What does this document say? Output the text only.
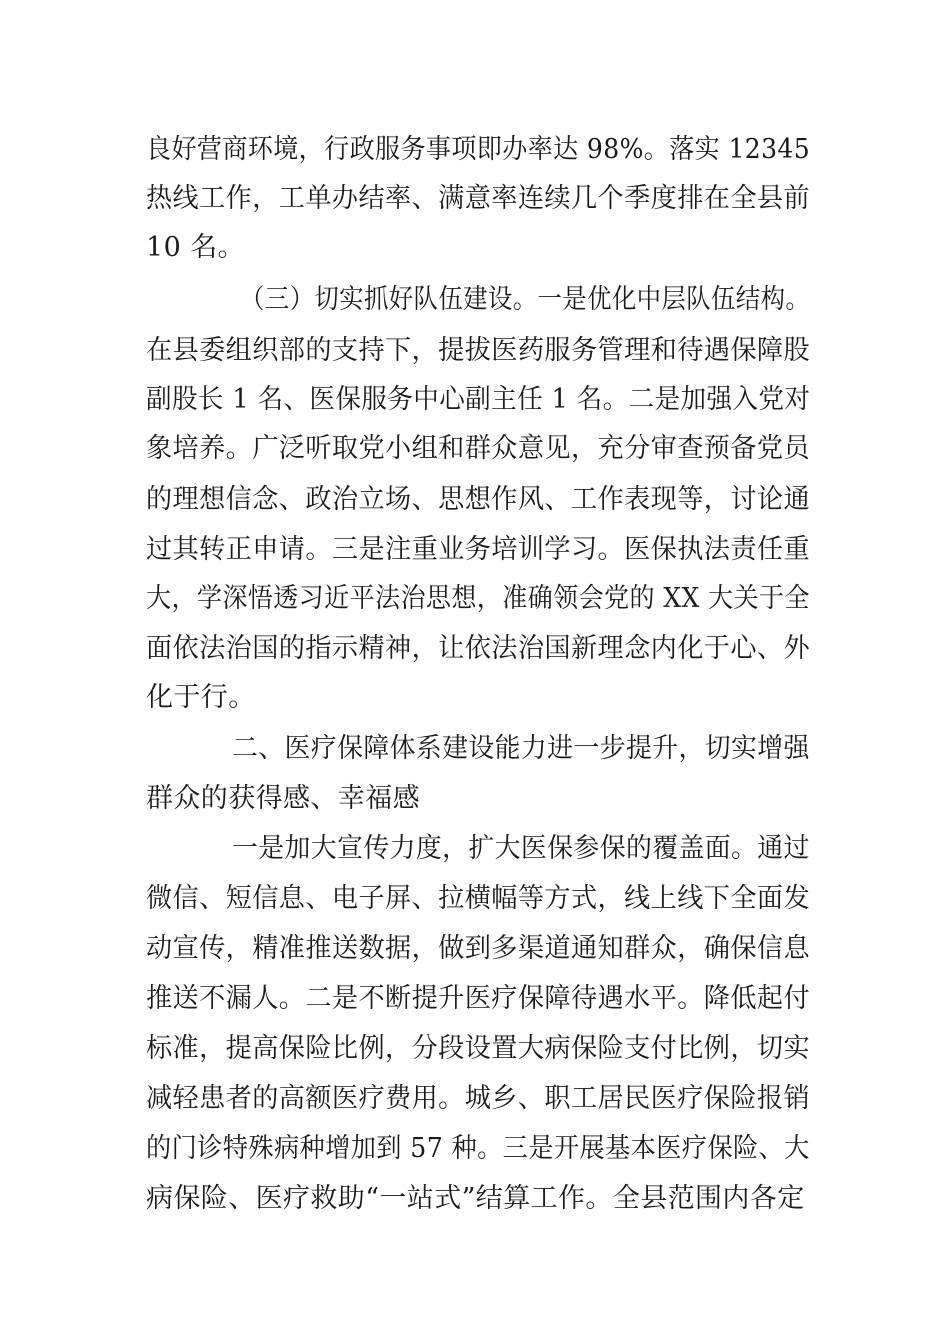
良好营商环境，行政服务事项即办率达 98%。落实 12345
热线工作，工单办结率、满意率连续几个季度排在全县前
10 名。
（三）切实抓好队伍建设。一是优化中层队伍结构。
在县委组织部的支持下，提拔医药服务管理和待遇保障股
副股长 1 名、医保服务中心副主任 1 名。二是加强入党对
象培养。广泛听取党小组和群众意见，充分审查预备党员
的理想信念、政治立场、思想作风、工作表现等，讨论通
过其转正申请。三是注重业务培训学习。医保执法责任重
大，学深悟透习近平法治思想，准确领会党的 XX 大关于全
面依法治国的指示精神，让依法治国新理念内化于心、外
化于行。
二、医疗保障体系建设能力进一步提升，切实增强
群众的获得感、幸福感
一是加大宣传力度，扩大医保参保的覆盖面。通过
微信、短信息、电子屏、拉横幅等方式，线上线下全面发
动宣传，精准推送数据，做到多渠道通知群众，确保信息
推送不漏人。二是不断提升医疗保障待遇水平。降低起付
标准，提高保险比例，分段设置大病保险支付比例，切实
减轻患者的高额医疗费用。城乡、职工居民医疗保险报销
的门诊特殊病种增加到 57 种。三是开展基本医疗保险、大
病保险、医疗救助“一站式”结算工作。全县范围内各定
